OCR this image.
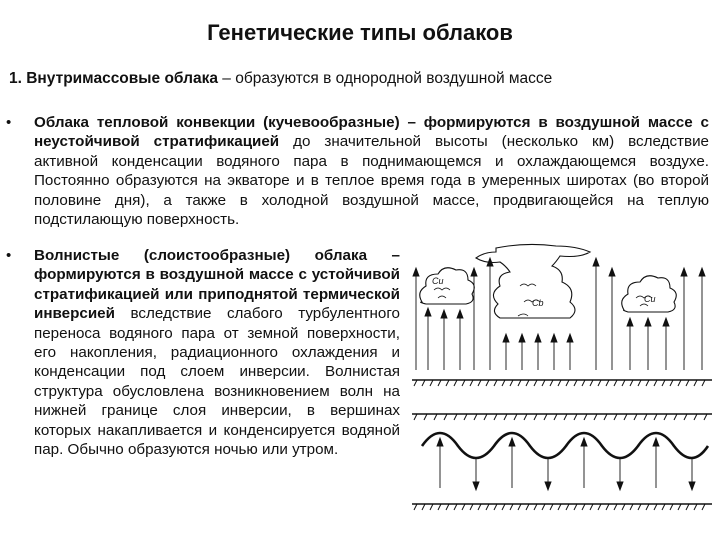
Генетические типы облаков
1. Внутримассовые облака – образуются в однородной воздушной массе
• Облака тепловой конвекции (кучевообразные) – формируются в воздушной массе с неустойчивой стратификацией до значительной высоты (несколько км) вследствие активной конденсации водяного пара в поднимающемся и охлаждающемся воздухе. Постоянно образуются на экваторе и в теплое время года в умеренных широтах (во второй половине дня), а также в холодной воздушной массе, продвигающейся на теплую подстилающую поверхность.

• Волнистые (слоистообразные) облака – формируются в воздушной массе с устойчивой стратификацией или приподнятой термической инверсией вследствие слабого турбулентного переноса водяного пара от земной поверхности, его накопления, радиационного охлаждения и конденсации под слоем инверсии. Волнистая структура обусловлена возникновением волн на нижней границе слоя инверсии, в вершинах которых накапливается и конденсируется водяной пар. Обычно образуются ночью или утром.

Cu
Cb	Cu
